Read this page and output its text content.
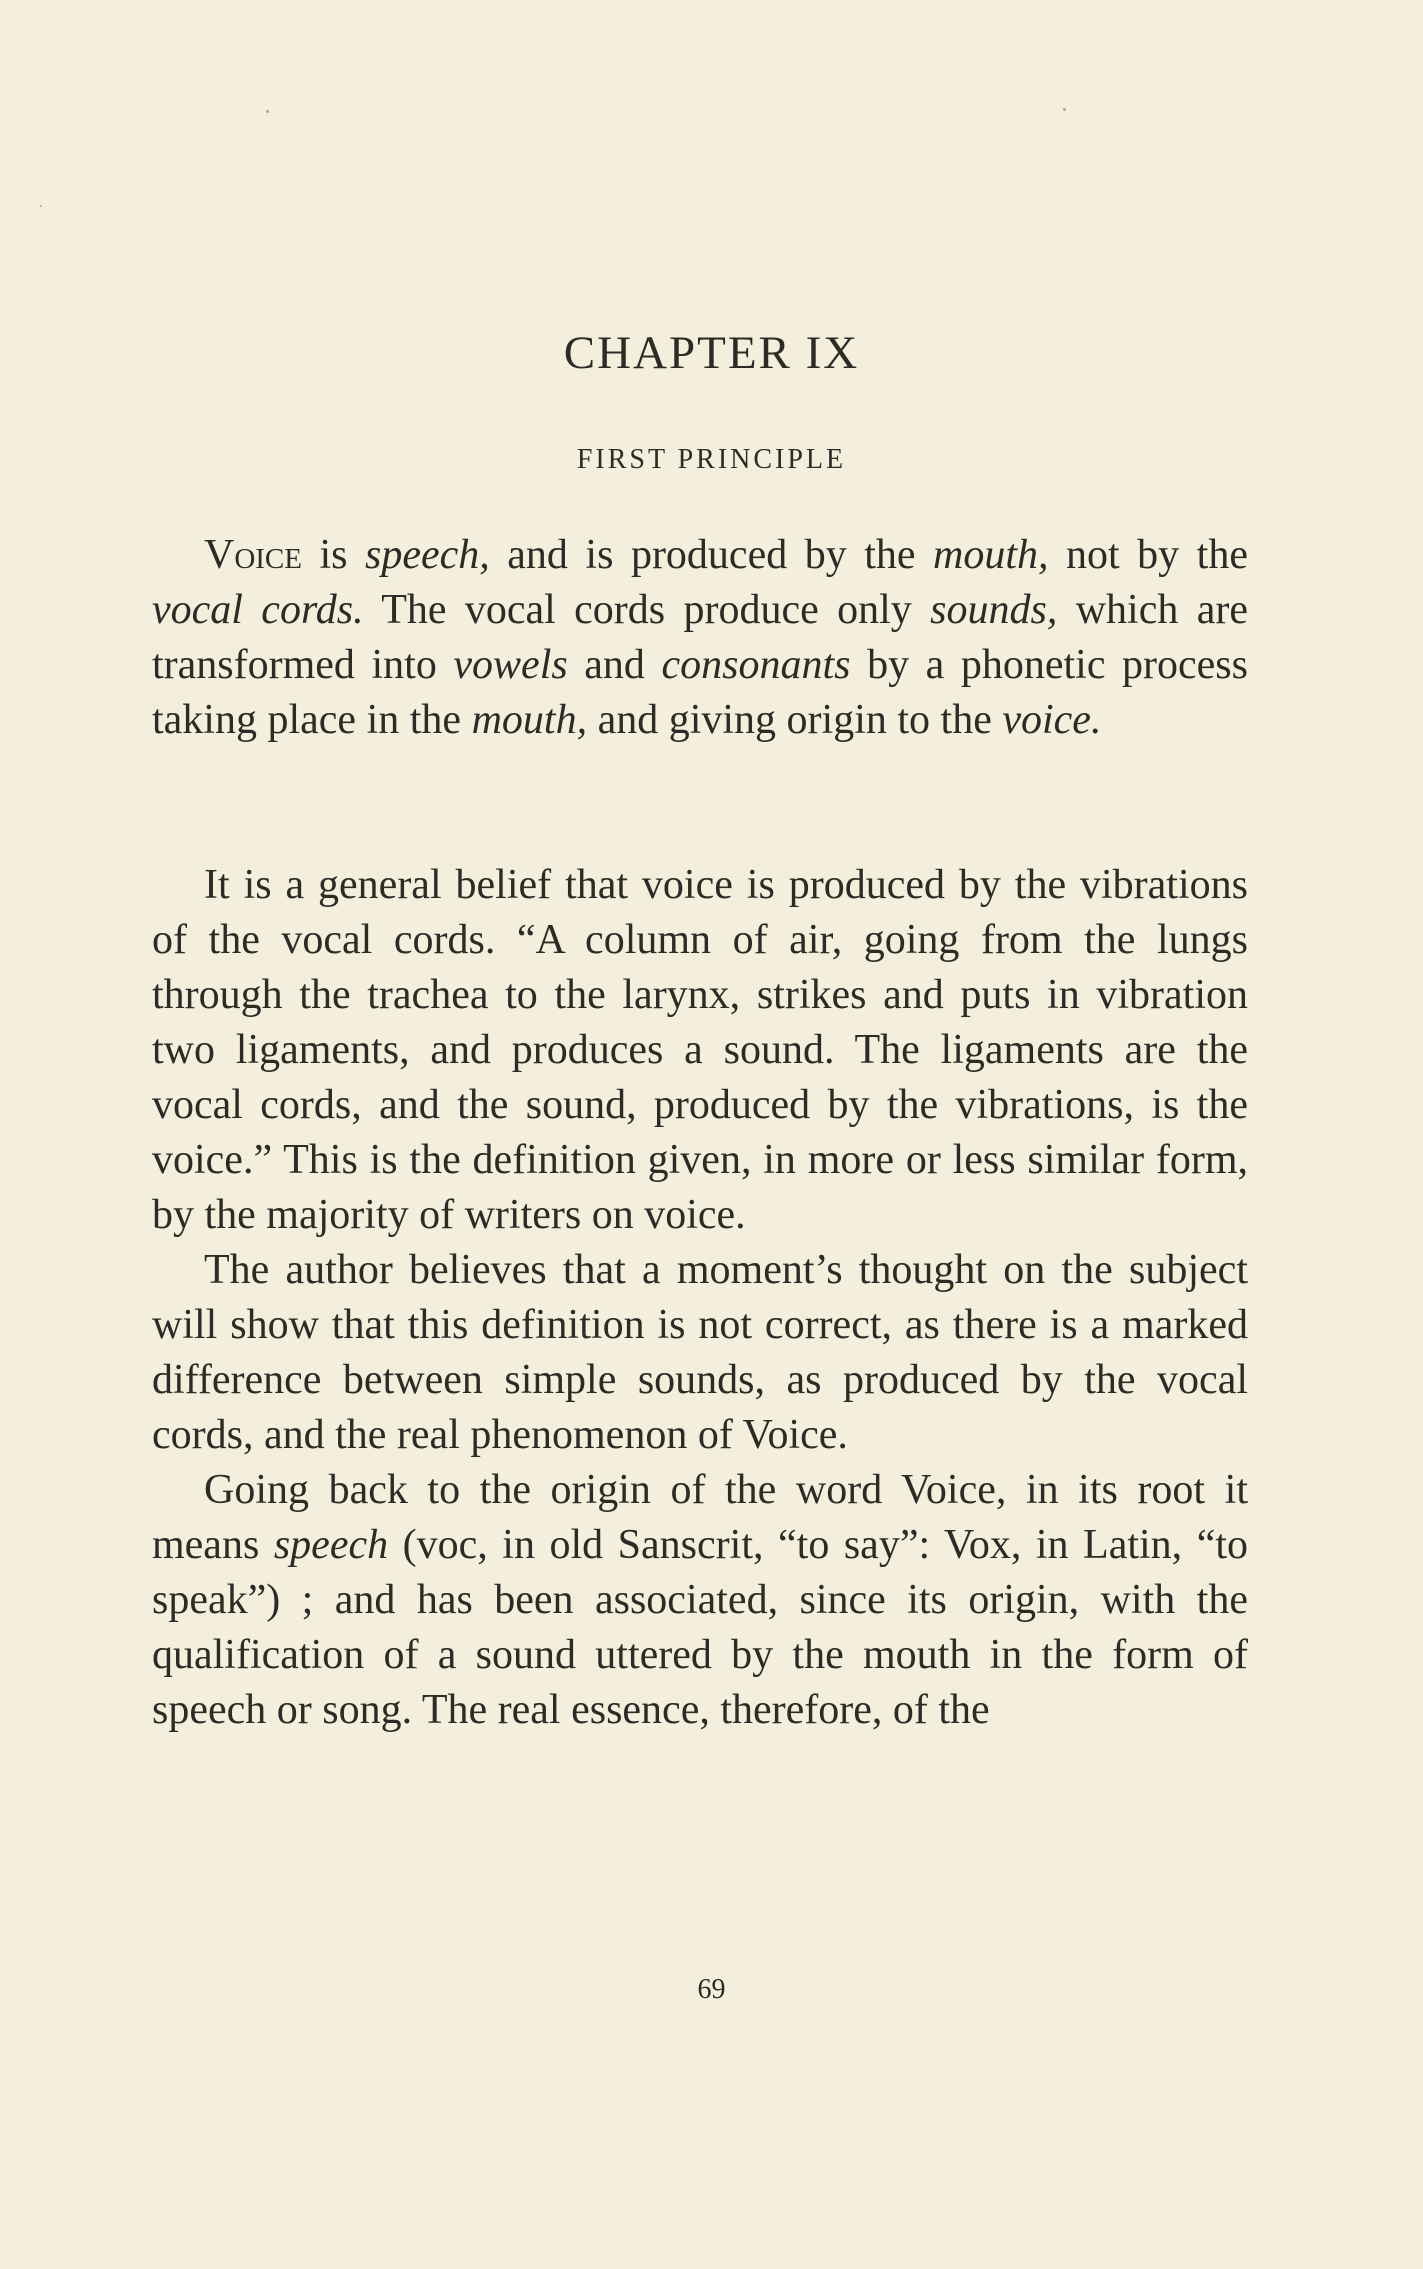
CHAPTER IX
FIRST PRINCIPLE

Voice is speech, and is produced by the mouth, not by the vocal cords. The vocal cords produce only sounds, which are transformed into vowels and consonants by a phonetic process taking place in the mouth, and giving origin to the voice.

It is a general belief that voice is produced by the vibrations of the vocal cords. “A column of air, going from the lungs through the trachea to the larynx, strikes and puts in vibration two ligaments, and produces a sound. The ligaments are the vocal cords, and the sound, produced by the vibrations, is the voice.” This is the definition given, in more or less similar form, by the majority of writers on voice.

The author believes that a moment’s thought on the subject will show that this definition is not correct, as there is a marked difference between simple sounds, as produced by the vocal cords, and the real phenomenon of Voice.

Going back to the origin of the word Voice, in its root it means speech (voc, in old Sanscrit, “to say”: Vox, in Latin, “to speak”) ; and has been associated, since its origin, with the qualification of a sound uttered by the mouth in the form of speech or song. The real essence, therefore, of the

69
